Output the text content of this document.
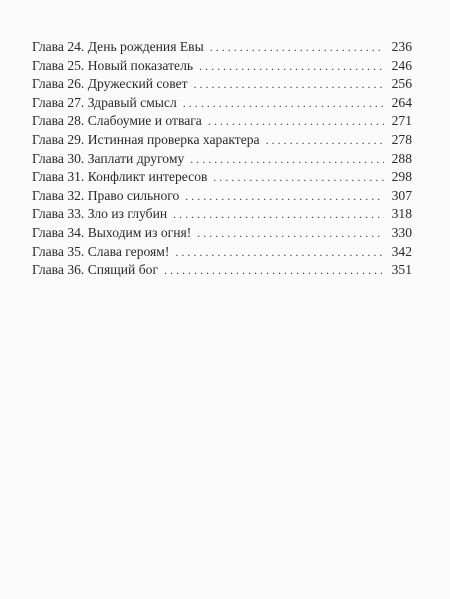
Глава 24. День рождения Евы . . .	236
Глава 25. Новый показатель . . .	246
Глава 26. Дружеский совет . . .	256
Глава 27. Здравый смысл . . .	264
Глава 28. Слабоумие и отвага . . .	271
Глава 29. Истинная проверка характера . . .	278
Глава 30. Заплати другому . . .	288
Глава 31. Конфликт интересов . . .	298
Глава 32. Право сильного . . .	307
Глава 33. Зло из глубин . . .	318
Глава 34. Выходим из огня! . . .	330
Глава 35. Слава героям! . . .	342
Глава 36. Спящий бог . . .	351
